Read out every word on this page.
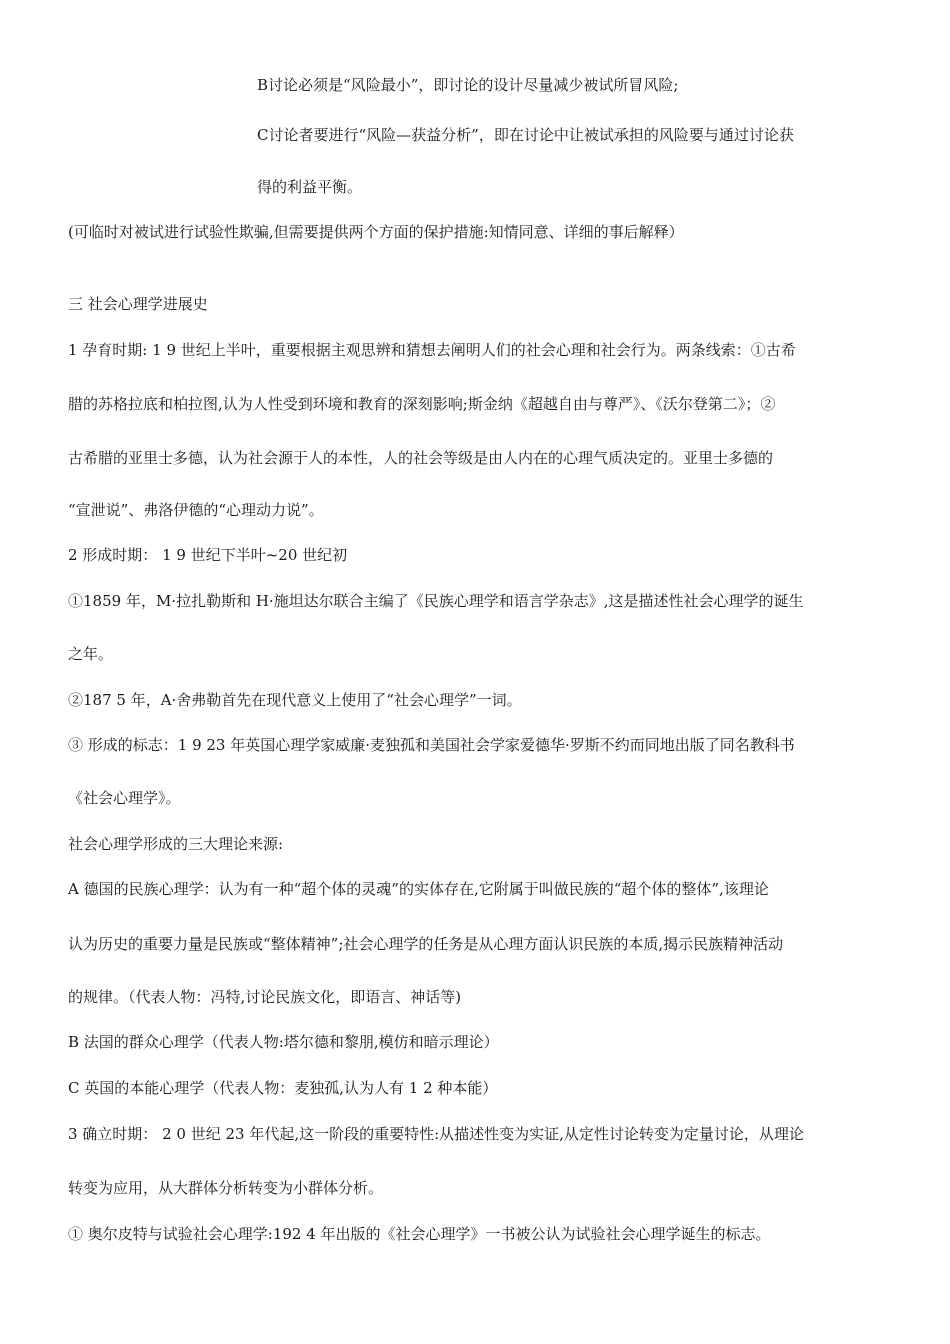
B讨论必须是“风险最小”，即讨论的设计尽量减少被试所冒风险;
C讨论者要进行“风险—获益分析”，即在讨论中让被试承担的风险要与通过讨论获
得的利益平衡。
(可临时对被试进行试验性欺骗,但需要提供两个方面的保护措施:知情同意、详细的事后解释）
三 社会心理学进展史
1 孕育时期: 1 9 世纪上半叶，重要根据主观思辨和猜想去阐明人们的社会心理和社会行为。两条线索：①古希
腊的苏格拉底和柏拉图,认为人性受到环境和教育的深刻影响;斯金纳《超越自由与尊严》、《沃尔登第二》；②
古希腊的亚里士多德，认为社会源于人的本性，人的社会等级是由人内在的心理气质决定的。亚里士多德的
“宣泄说”、弗洛伊德的“心理动力说”。
2 形成时期： 1 9 世纪下半叶~20 世纪初
①1859 年，M·拉扎勒斯和 H·施坦达尔联合主编了《民族心理学和语言学杂志》,这是描述性社会心理学的诞生
之年。
②187 5 年，A·舍弗勒首先在现代意义上使用了“社会心理学”一词。
③ 形成的标志：1 9 23 年英国心理学家威廉·麦独孤和美国社会学家爱德华·罗斯不约而同地出版了同名教科书
《社会心理学》。
社会心理学形成的三大理论来源:
A 德国的民族心理学：认为有一种“超个体的灵魂”的实体存在,它附属于叫做民族的“超个体的整体”,该理论
认为历史的重要力量是民族或“整体精神”;社会心理学的任务是从心理方面认识民族的本质,揭示民族精神活动
的规律。（代表人物：冯特,讨论民族文化，即语言、神话等)
B 法国的群众心理学（代表人物:塔尔德和黎朋,模仿和暗示理论）
C 英国的本能心理学（代表人物：麦独孤,认为人有 1 2 种本能）
3 确立时期： 2 0 世纪 23 年代起,这一阶段的重要特性:从描述性变为实证,从定性讨论转变为定量讨论，从理论
转变为应用，从大群体分析转变为小群体分析。
① 奥尔皮特与试验社会心理学:192 4 年出版的《社会心理学》一书被公认为试验社会心理学诞生的标志。
